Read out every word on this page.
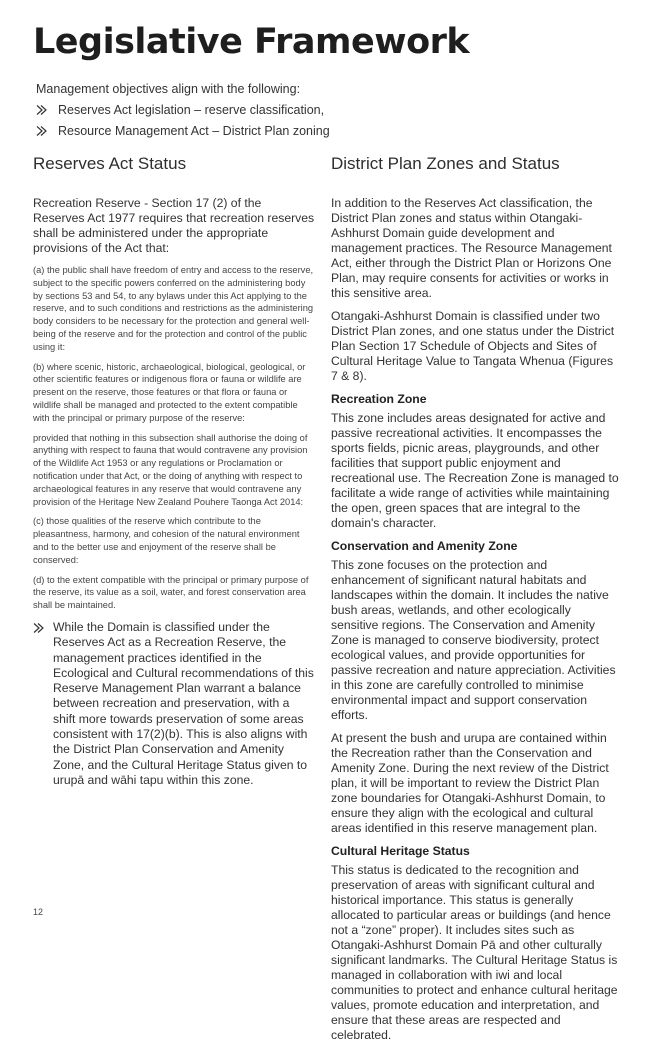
Legislative Framework

Management objectives align with the following:

Reserves Act legislation – reserve classification,
Resource Management Act – District Plan zoning
Reserves Act Status

Recreation Reserve - Section 17 (2) of the Reserves Act 1977 requires that recreation reserves shall be administered under the appropriate provisions of the Act that:

(a) the public shall have freedom of entry and access to the reserve, subject to the specific powers conferred on the administering body by sections 53 and 54, to any bylaws under this Act applying to the reserve, and to such conditions and restrictions as the administering body considers to be necessary for the protection and general well-being of the reserve and for the protection and control of the public using it:

(b) where scenic, historic, archaeological, biological, geological, or other scientific features or indigenous flora or fauna or wildlife are present on the reserve, those features or that flora or fauna or wildlife shall be managed and protected to the extent compatible with the principal or primary purpose of the reserve:

provided that nothing in this subsection shall authorise the doing of anything with respect to fauna that would contravene any provision of the Wildlife Act 1953 or any regulations or Proclamation or notification under that Act, or the doing of anything with respect to archaeological features in any reserve that would contravene any provision of the Heritage New Zealand Pouhere Taonga Act 2014:

(c) those qualities of the reserve which contribute to the pleasantness, harmony, and cohesion of the natural environment and to the better use and enjoyment of the reserve shall be conserved:

(d) to the extent compatible with the principal or primary purpose of the reserve, its value as a soil, water, and forest conservation area shall be maintained.

While the Domain is classified under the Reserves Act as a Recreation Reserve, the management practices identified in the Ecological and Cultural recommendations of this Reserve Management Plan warrant a balance between recreation and preservation, with a shift more towards preservation of some areas consistent with 17(2)(b). This is also aligns with the District Plan Conservation and Amenity Zone, and the Cultural Heritage Status given to urupā and wāhi tapu within this zone.

District Plan Zones and Status

In addition to the Reserves Act classification, the District Plan zones and status within Otangaki-Ashhurst Domain guide development and management practices. The Resource Management Act, either through the District Plan or Horizons One Plan, may require consents for activities or works in this sensitive area.

Otangaki-Ashhurst Domain is classified under two District Plan zones, and one status under the District Plan Section 17 Schedule of Objects and Sites of Cultural Heritage Value to Tangata Whenua (Figures 7 & 8).

Recreation Zone

This zone includes areas designated for active and passive recreational activities. It encompasses the sports fields, picnic areas, playgrounds, and other facilities that support public enjoyment and recreational use. The Recreation Zone is managed to facilitate a wide range of activities while maintaining the open, green spaces that are integral to the domain's character.

Conservation and Amenity Zone

This zone focuses on the protection and enhancement of significant natural habitats and landscapes within the domain. It includes the native bush areas, wetlands, and other ecologically sensitive regions. The Conservation and Amenity Zone is managed to conserve biodiversity, protect ecological values, and provide opportunities for passive recreation and nature appreciation. Activities in this zone are carefully controlled to minimise environmental impact and support conservation efforts.

At present the bush and urupa are contained within the Recreation rather than the Conservation and Amenity Zone. During the next review of the District plan, it will be important to review the District Plan zone boundaries for Otangaki-Ashhurst Domain, to ensure they align with the ecological and cultural areas identified in this reserve management plan.

Cultural Heritage Status

This status is dedicated to the recognition and preservation of areas with significant cultural and historical importance. This status is generally allocated to particular areas or buildings (and hence not a “zone” proper). It includes sites such as Otangaki-Ashhurst Domain Pā and other culturally significant landmarks. The Cultural Heritage Status is managed in collaboration with iwi and local communities to protect and enhance cultural heritage values, promote education and interpretation, and ensure that these areas are respected and celebrated.

12
